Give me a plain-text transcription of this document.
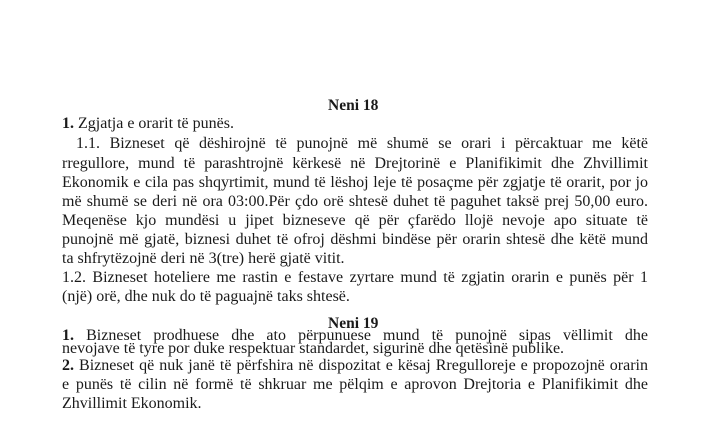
Neni 18
1. Zgjatja e orarit të punës.
1.1. Bizneset që dëshirojnë të punojnë më shumë se orari i përcaktuar me këtë
rregullore, mund të parashtrojnë kërkesë në Drejtorinë e Planifikimit dhe Zhvillimit
Ekonomik e cila pas shqyrtimit, mund të lëshoj leje të posaçme për zgjatje të orarit, por jo
më shumë se deri në ora 03:00.Për çdo orë shtesë duhet të paguhet taksë prej 50,00 euro.
Meqenëse kjo mundësi u jipet bizneseve që për çfarëdo llojë nevoje apo situate të
punojnë më gjatë, biznesi duhet të ofroj dëshmi bindëse për orarin shtesë dhe këtë mund
ta shfrytëzojnë deri në 3(tre) herë gjatë vitit.
1.2. Bizneset hoteliere me rastin e festave zyrtare mund të zgjatin orarin e punës për 1
(një) orë, dhe nuk do të paguajnë taks shtesë.
Neni 19
1. Bizneset prodhuese dhe ato përpunuese mund të punojnë sipas vëllimit dhe
nevojave të tyre por duke respektuar standardet, sigurinë dhe qetësinë publike.
2. Bizneset që nuk janë të përfshira në dispozitat e kësaj Rregulloreje e propozojnë orarin
e punës të cilin në formë të shkruar me pëlqim e aprovon Drejtoria e Planifikimit dhe
Zhvillimit Ekonomik.
